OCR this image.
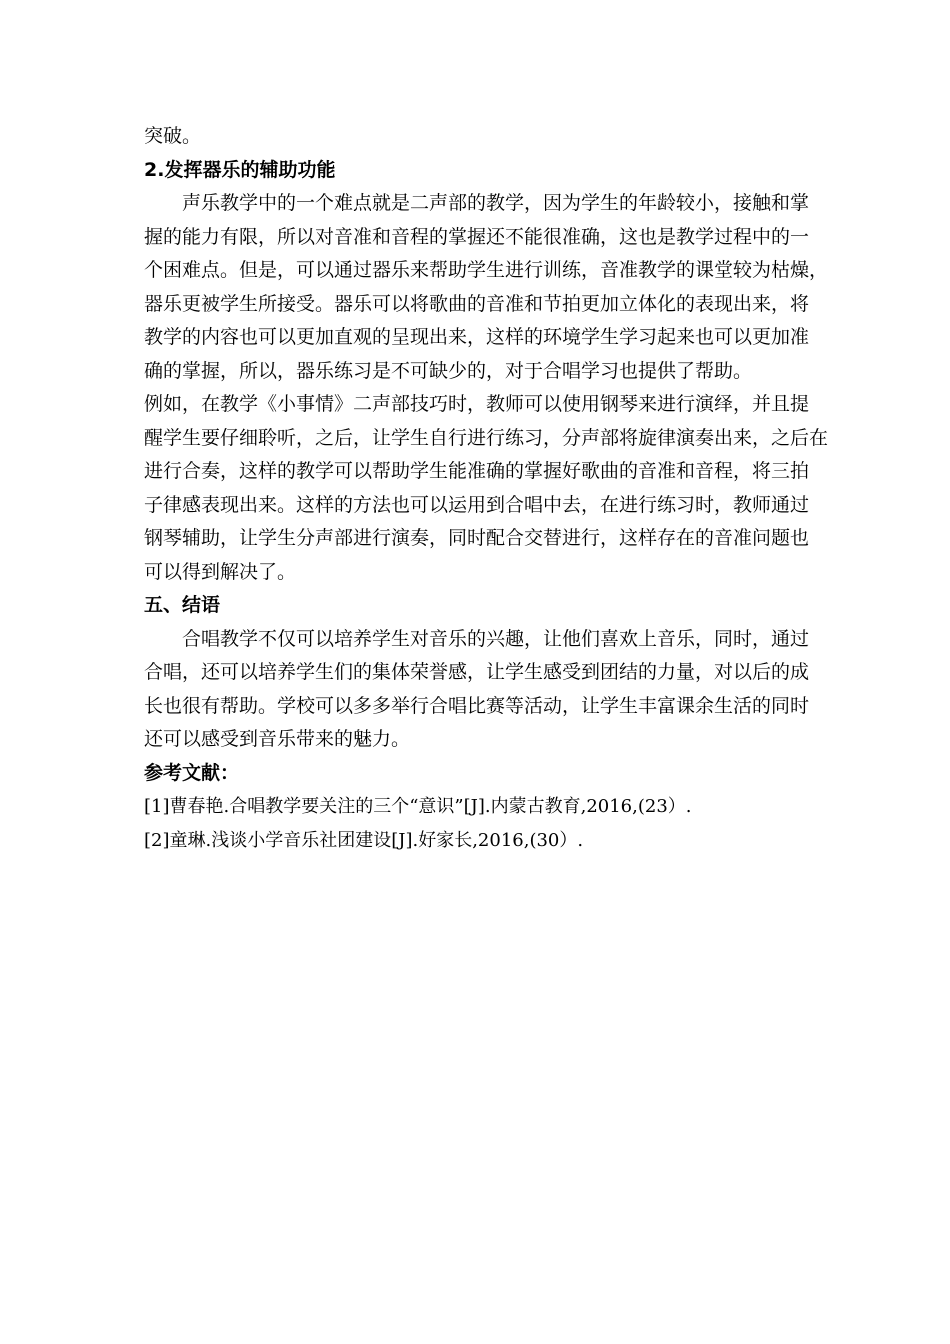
突破。
2.发挥器乐的辅助功能
声乐教学中的一个难点就是二声部的教学，因为学生的年龄较小，接触和掌
握的能力有限，所以对音准和音程的掌握还不能很准确，这也是教学过程中的一
个困难点。但是，可以通过器乐来帮助学生进行训练，音准教学的课堂较为枯燥，
器乐更被学生所接受。器乐可以将歌曲的音准和节拍更加立体化的表现出来，将
教学的内容也可以更加直观的呈现出来，这样的环境学生学习起来也可以更加准
确的掌握，所以，器乐练习是不可缺少的，对于合唱学习也提供了帮助。
例如，在教学《小事情》二声部技巧时，教师可以使用钢琴来进行演绎，并且提
醒学生要仔细聆听，之后，让学生自行进行练习，分声部将旋律演奏出来，之后在
进行合奏，这样的教学可以帮助学生能准确的掌握好歌曲的音准和音程，将三拍
子律感表现出来。这样的方法也可以运用到合唱中去，在进行练习时，教师通过
钢琴辅助，让学生分声部进行演奏，同时配合交替进行，这样存在的音准问题也
可以得到解决了。
五、结语
合唱教学不仅可以培养学生对音乐的兴趣，让他们喜欢上音乐，同时，通过
合唱，还可以培养学生们的集体荣誉感，让学生感受到团结的力量，对以后的成
长也很有帮助。学校可以多多举行合唱比赛等活动，让学生丰富课余生活的同时
还可以感受到音乐带来的魅力。
参考文献：
[1]曹春艳.合唱教学要关注的三个“意识”[J].内蒙古教育,2016,(23）.
[2]童琳.浅谈小学音乐社团建设[J].好家长,2016,(30）.
